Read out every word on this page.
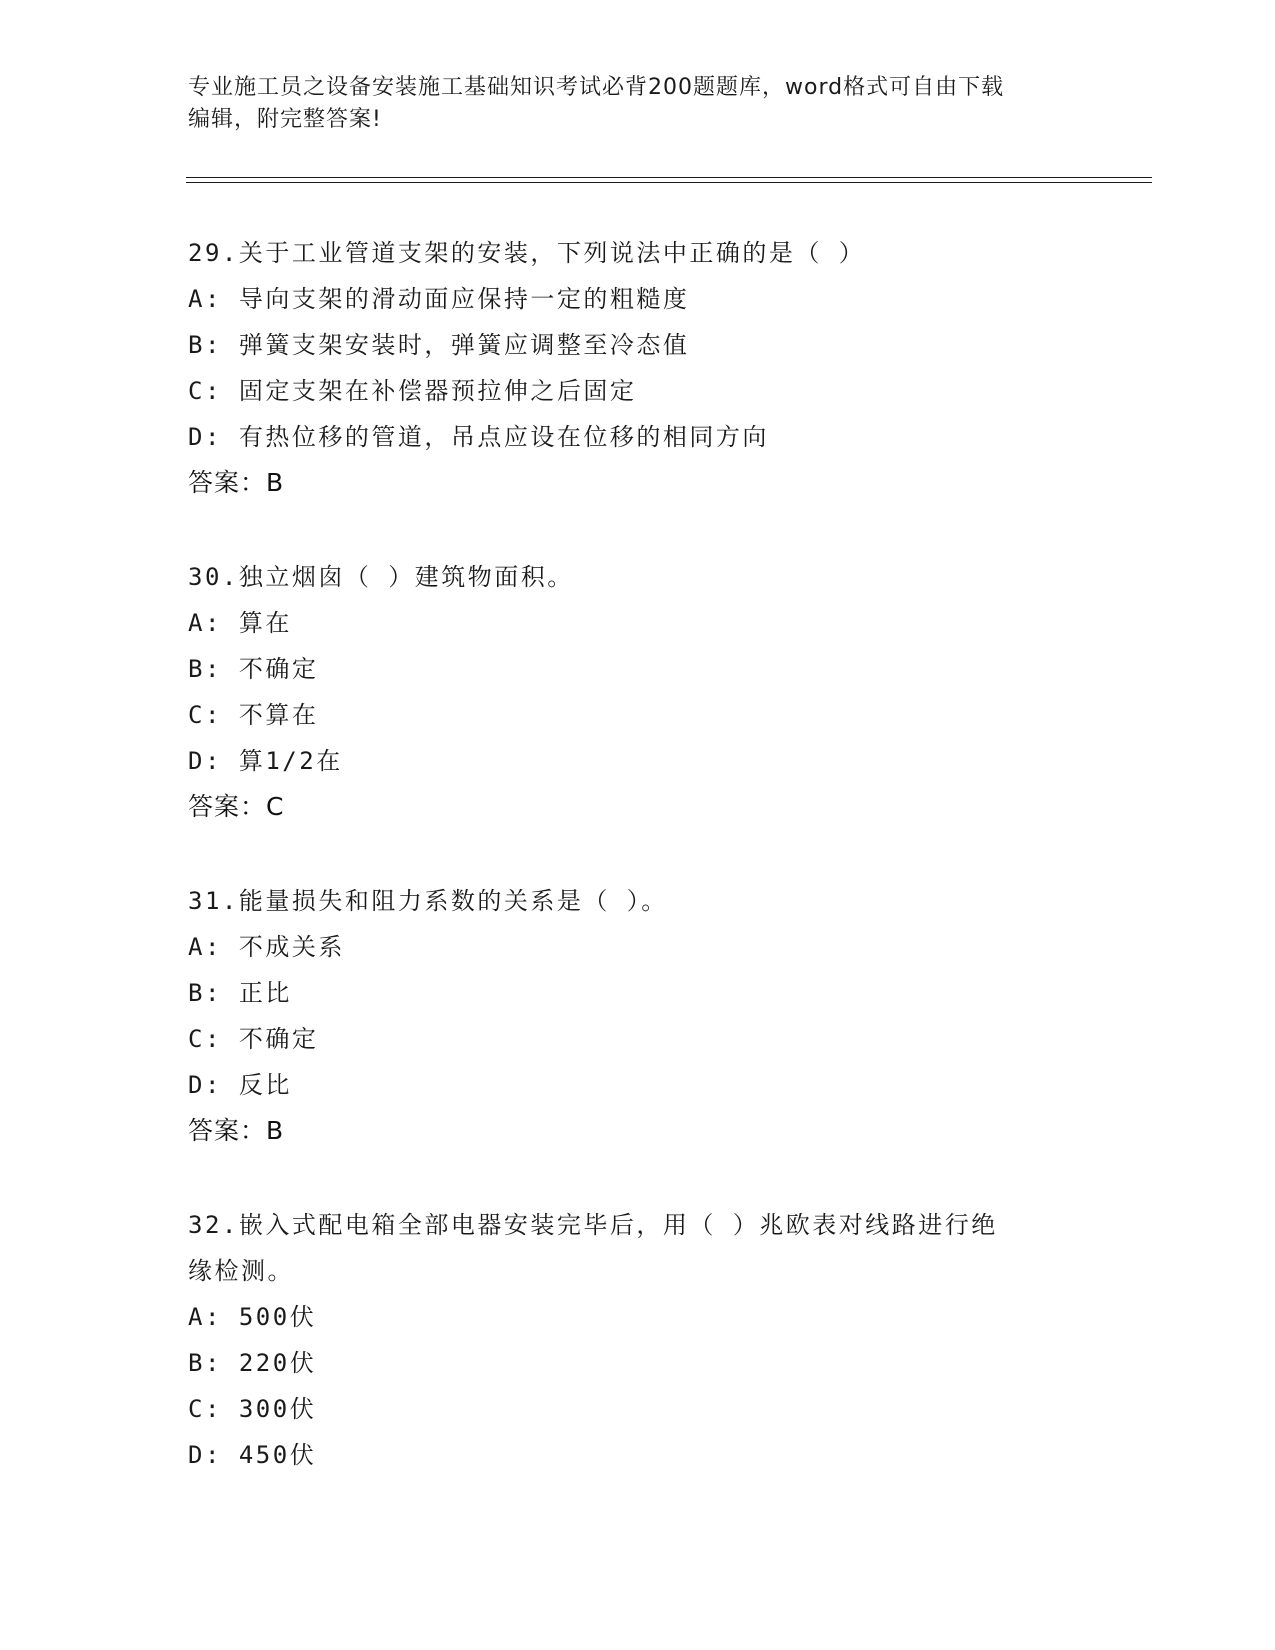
专业施工员之设备安装施工基础知识考试必背200题题库，word格式可自由下载
编辑，附完整答案!
29.关于工业管道支架的安装，下列说法中正确的是（ ）
A: 导向支架的滑动面应保持一定的粗糙度
B: 弹簧支架安装时，弹簧应调整至冷态值
C: 固定支架在补偿器预拉伸之后固定
D: 有热位移的管道，吊点应设在位移的相同方向
答案：B
30.独立烟囱（ ）建筑物面积。
A: 算在
B: 不确定
C: 不算在
D: 算1/2在
答案：C
31.能量损失和阻力系数的关系是（ ）。
A: 不成关系
B: 正比
C: 不确定
D: 反比
答案：B
32.嵌入式配电箱全部电器安装完毕后，用（ ）兆欧表对线路进行绝
缘检测。
A: 500伏
B: 220伏
C: 300伏
D: 450伏
